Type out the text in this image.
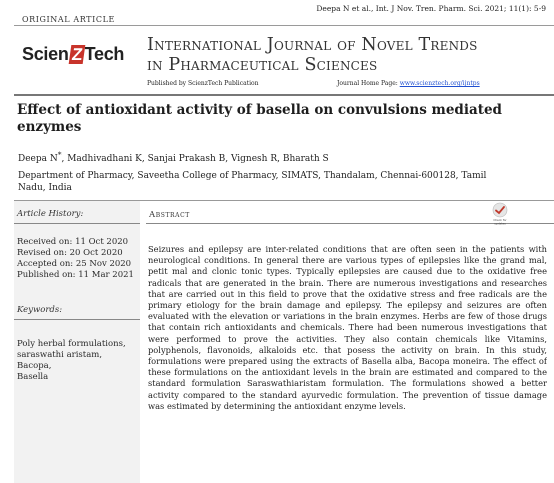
Deepa N et al., Int. J Nov. Tren. Pharm. Sci. 2021; 11(1): 5-9
ORIGINAL ARTICLE
ScienZTech International Journal of Novel Trends
in Pharmaceutical Sciences
Published by ScienzTech Publication	Journal Home Page: www.scienztech.org/ijntps
Effect of antioxidant activity of basella on convulsions mediated enzymes
Deepa N*, Madhivadhani K, Sanjai Prakash B, Vignesh R, Bharath S
Department of Pharmacy, Saveetha College of Pharmacy, SIMATS, Thandalam, Chennai-600128, Tamil Nadu, India
Article History:
Received on: 11 Oct 2020
Revised on: 20 Oct 2020
Accepted on: 25 Nov 2020
Published on: 11 Mar 2021
Keywords:
Poly herbal formulations,
saraswathi aristam,
Bacopa,
Basella
Abstract	Check for
updates

Seizures and epilepsy are inter-related conditions that are often seen in the patients with neurological conditions. In general there are various types of epilepsies like the grand mal, petit mal and clonic tonic types. Typically epilepsies are caused due to the oxidative free radicals that are generated in the brain. There are numerous investigations and researches that are carried out in this field to prove that the oxidative stress and free radicals are the primary etiology for the brain damage and epilepsy. The epilepsy and seizures are often evaluated with the elevation or variations in the brain enzymes. Herbs are few of those drugs that contain rich antioxidants and chemicals. There had been numerous investigations that were performed to prove the activities. They also contain chemicals like Vitamins, polyphenols, flavonoids, alkaloids etc. that posess the activity on brain. In this study, formulations were prepared using the extracts of Basella alba, Bacopa moneira. The effect of these formulations on the antioxidant levels in the brain are estimated and compared to the standard formulation Saraswathiaristam formulation. The formulations showed a better activity compared to the standard ayurvedic formulation. The prevention of tissue damage was estimated by determining the antioxidant enzyme levels.
